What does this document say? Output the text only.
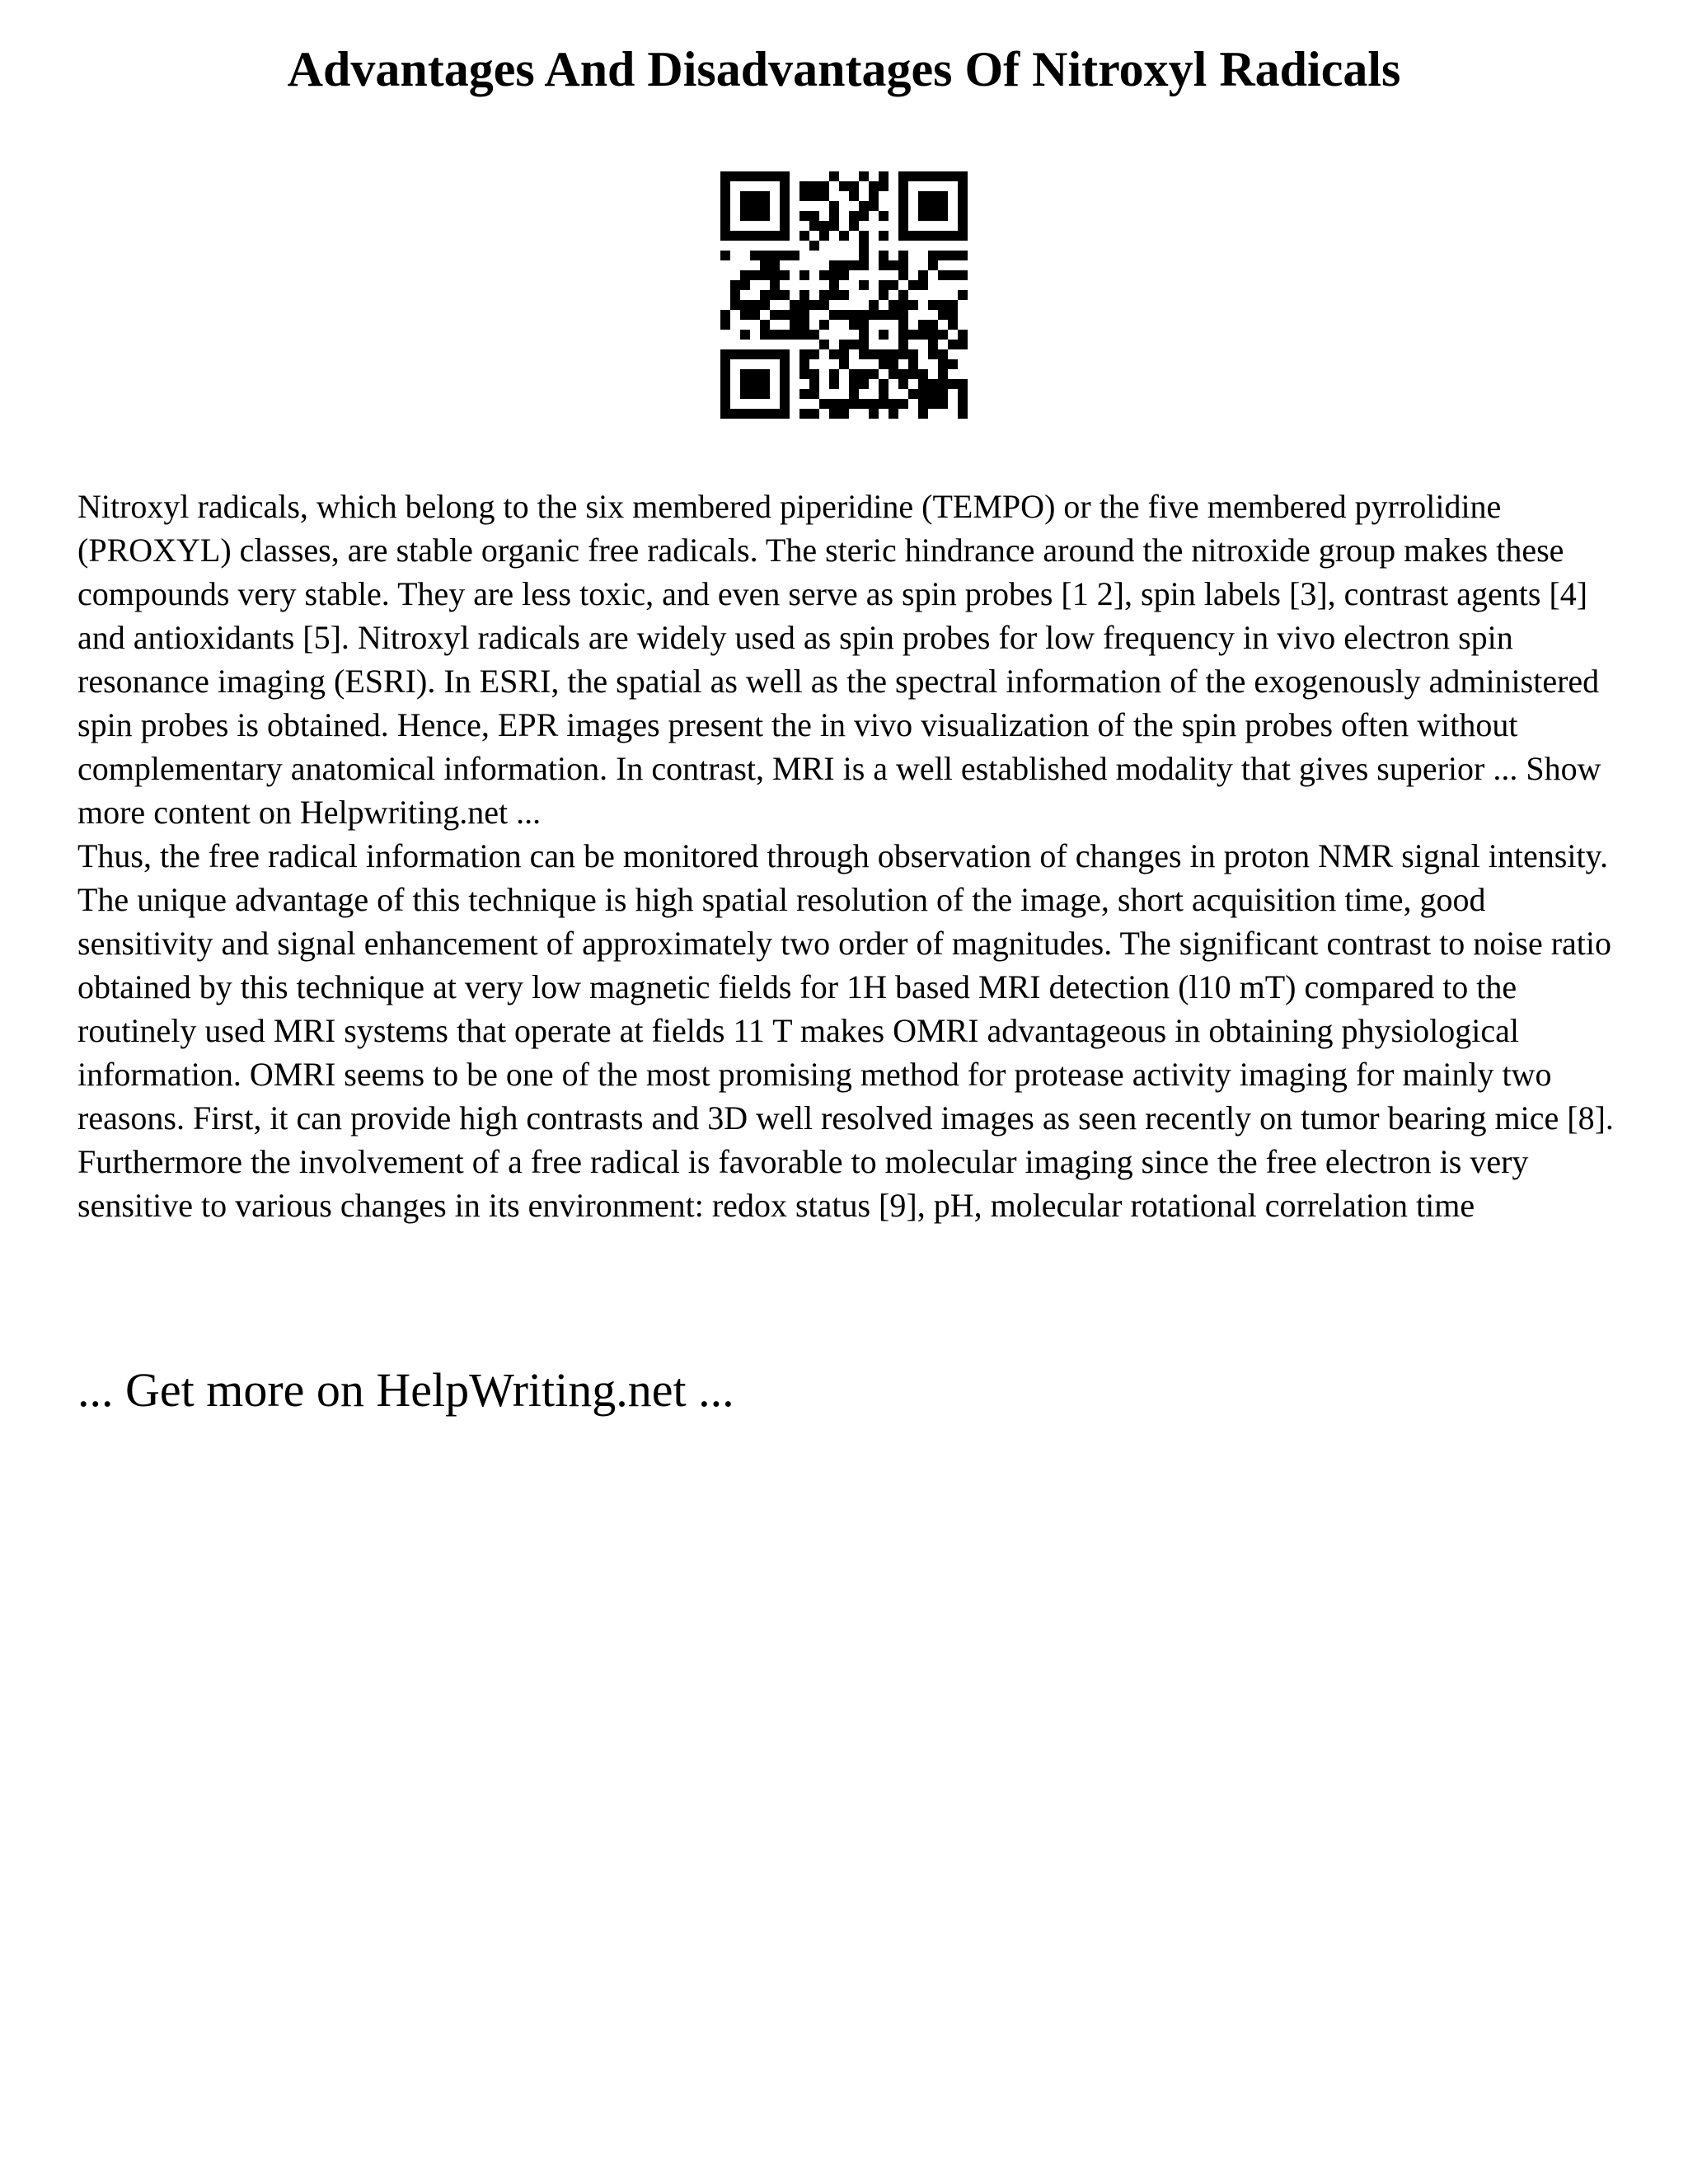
Advantages And Disadvantages Of Nitroxyl Radicals

Nitroxyl radicals, which belong to the six membered piperidine (TEMPO) or the five membered pyrrolidine (PROXYL) classes, are stable organic free radicals. The steric hindrance around the nitroxide group makes these compounds very stable. They are less toxic, and even serve as spin probes [1 2], spin labels [3], contrast agents [4] and antioxidants [5]. Nitroxyl radicals are widely used as spin probes for low frequency in vivo electron spin resonance imaging (ESRI). In ESRI, the spatial as well as the spectral information of the exogenously administered spin probes is obtained. Hence, EPR images present the in vivo visualization of the spin probes often without complementary anatomical information. In contrast, MRI is a well established modality that gives superior ... Show more content on Helpwriting.net ...

Thus, the free radical information can be monitored through observation of changes in proton NMR signal intensity. The unique advantage of this technique is high spatial resolution of the image, short acquisition time, good sensitivity and signal enhancement of approximately two order of magnitudes. The significant contrast to noise ratio obtained by this technique at very low magnetic fields for 1H based MRI detection (l10 mT) compared to the routinely used MRI systems that operate at fields 11 T makes OMRI advantageous in obtaining physiological information. OMRI seems to be one of the most promising method for protease activity imaging for mainly two reasons. First, it can provide high contrasts and 3D well resolved images as seen recently on tumor bearing mice [8]. Furthermore the involvement of a free radical is favorable to molecular imaging since the free electron is very sensitive to various changes in its environment: redox status [9], pH, molecular rotational correlation time

... Get more on HelpWriting.net ...
